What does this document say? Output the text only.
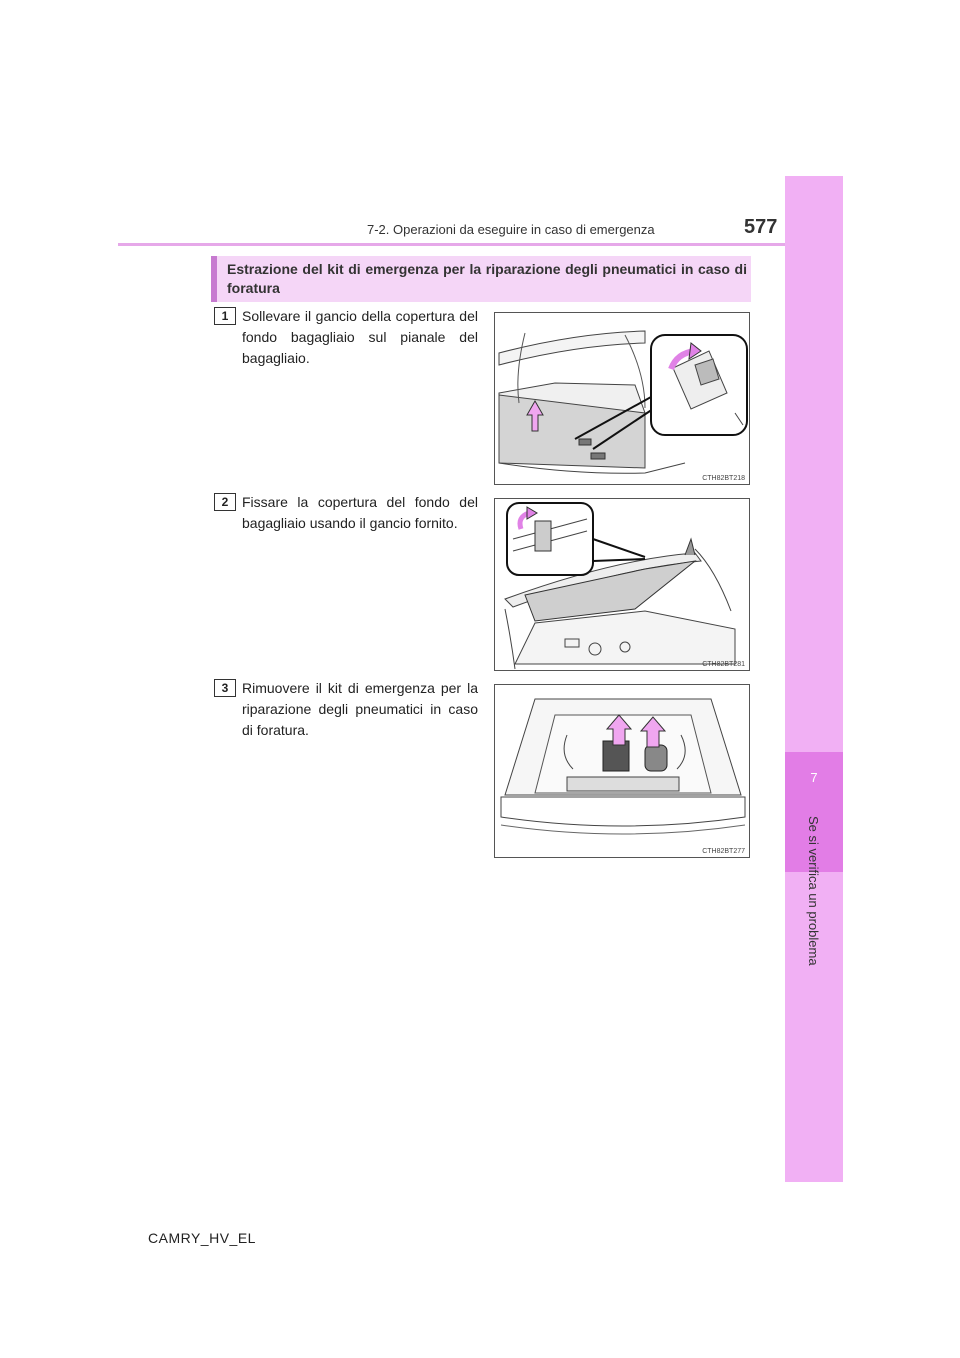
7
Se si verifica un problema
7-2. Operazioni da eseguire in caso di emergenza	577
Estrazione del kit di emergenza per la riparazione degli pneumatici in caso di foratura
1 Sollevare il gancio della copertura del fondo bagagliaio sul pianale del bagagliaio.
CTH82BT218
2 Fissare la copertura del fondo del bagagliaio usando il gancio fornito.
CTH82BT281
3 Rimuovere il kit di emergenza per la riparazione degli pneumatici in caso di foratura.
CTH82BT277
CAMRY_HV_EL
